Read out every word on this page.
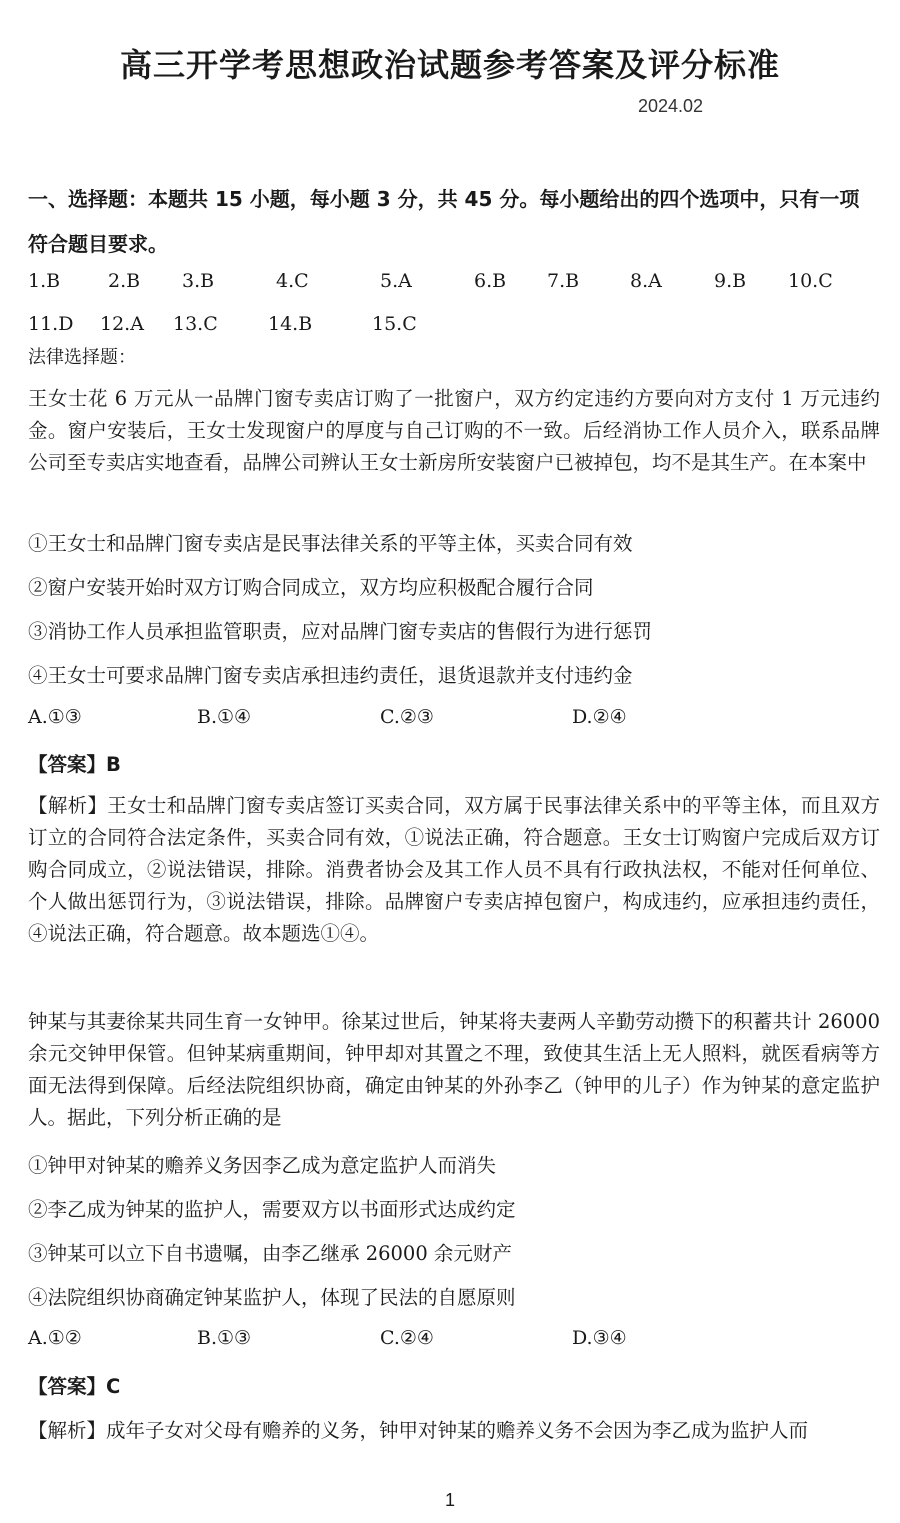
高三开学考思想政治试题参考答案及评分标准
2024.02
一、选择题：本题共 15 小题，每小题 3 分，共 45 分。每小题给出的四个选项中，只有一项
符合题目要求。
1.B	2.B 3.B	4.C	5.A	6.B 7.B	8.A	9.B 10.C
11.D 12.A 13.C	14.B	15.C
法律选择题：
王女士花 6 万元从一品牌门窗专卖店订购了一批窗户，双方约定违约方要向对方支付 1 万元违约金。窗户安装后，王女士发现窗户的厚度与自己订购的不一致。后经消协工作人员介入，联系品牌公司至专卖店实地查看，品牌公司辨认王女士新房所安装窗户已被掉包，均不是其生产。在本案中
①王女士和品牌门窗专卖店是民事法律关系的平等主体，买卖合同有效
②窗户安装开始时双方订购合同成立，双方均应积极配合履行合同
③消协工作人员承担监管职责，应对品牌门窗专卖店的售假行为进行惩罚
④王女士可要求品牌门窗专卖店承担违约责任，退货退款并支付违约金
A.①③	B.①④	C.②③	D.②④
【答案】B
【解析】王女士和品牌门窗专卖店签订买卖合同，双方属于民事法律关系中的平等主体，而且双方订立的合同符合法定条件，买卖合同有效，①说法正确，符合题意。王女士订购窗户完成后双方订购合同成立，②说法错误，排除。消费者协会及其工作人员不具有行政执法权，不能对任何单位、个人做出惩罚行为，③说法错误，排除。品牌窗户专卖店掉包窗户，构成违约，应承担违约责任，④说法正确，符合题意。故本题选①④。
钟某与其妻徐某共同生育一女钟甲。徐某过世后，钟某将夫妻两人辛勤劳动攒下的积蓄共计 26000 余元交钟甲保管。但钟某病重期间，钟甲却对其置之不理，致使其生活上无人照料，就医看病等方面无法得到保障。后经法院组织协商，确定由钟某的外孙李乙（钟甲的儿子）作为钟某的意定监护人。据此，下列分析正确的是
①钟甲对钟某的赡养义务因李乙成为意定监护人而消失
②李乙成为钟某的监护人，需要双方以书面形式达成约定
③钟某可以立下自书遗嘱，由李乙继承 26000 余元财产
④法院组织协商确定钟某监护人，体现了民法的自愿原则
A.①②	B.①③	C.②④	D.③④
【答案】C
【解析】成年子女对父母有赡养的义务，钟甲对钟某的赡养义务不会因为李乙成为监护人而
1
